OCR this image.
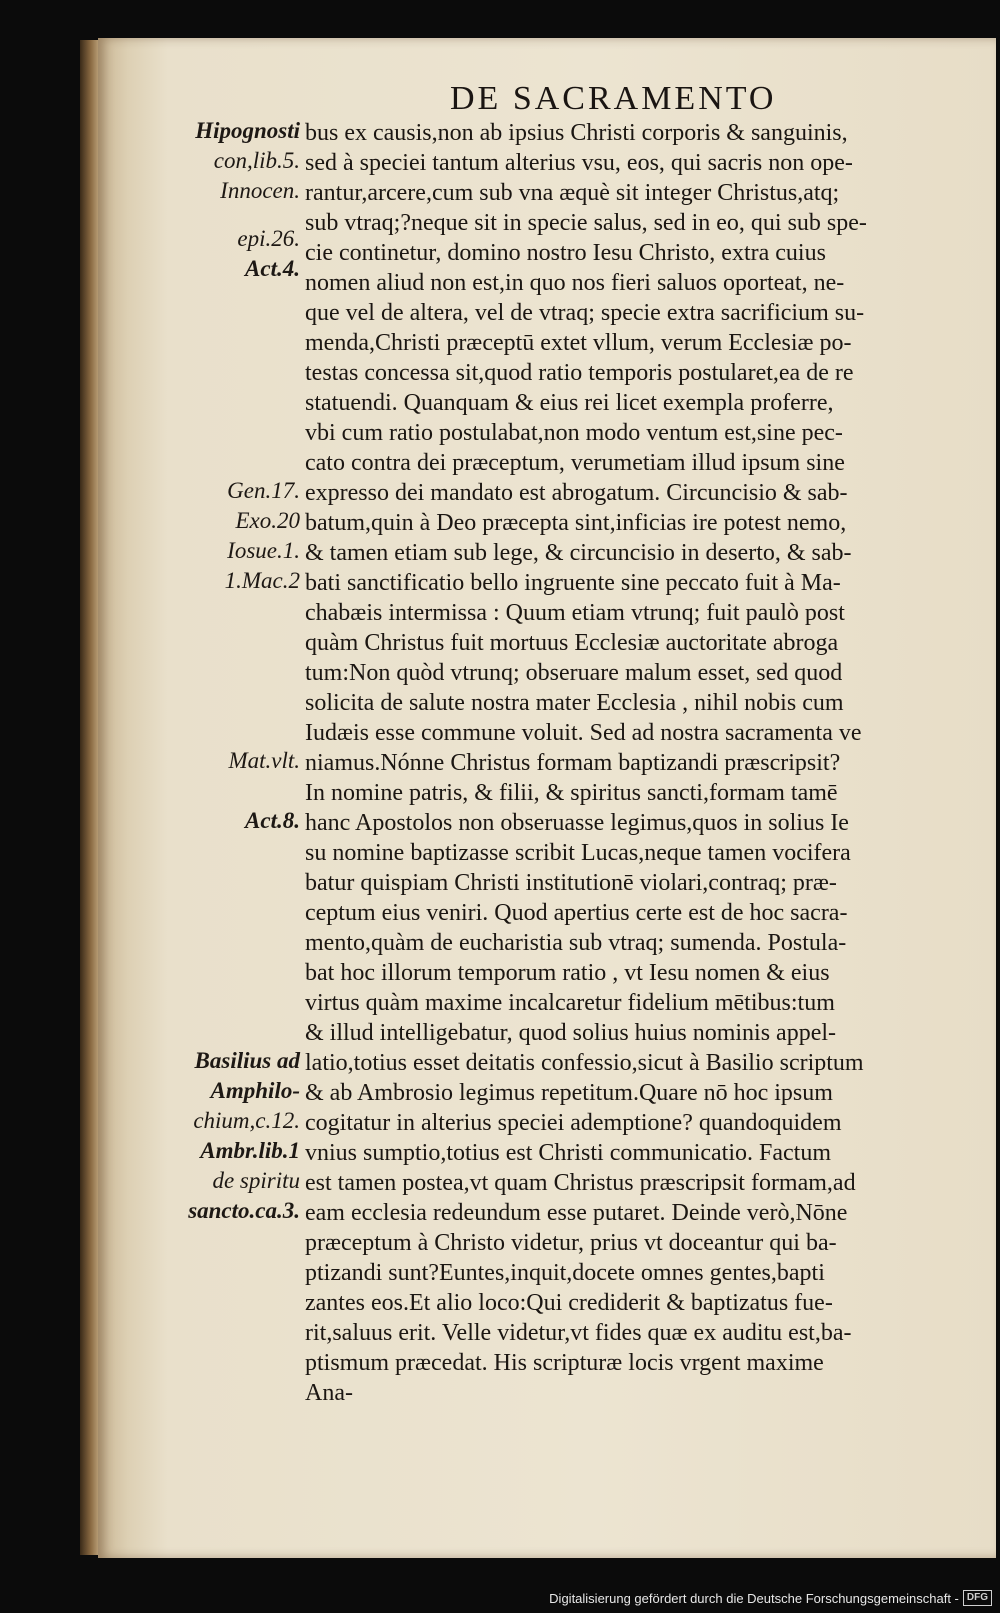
DE SACRAMENTO
Hipognosti
con,lib.5.
Innocen.
epi.26.
Act.4.
Gen.17.
Exo.20
Iosue.1.
1.Mac.2
Mat.vlt.
Act.8.
Basilius ad
Amphilo-
chium,c.12.
Ambr.lib.1
de spiritu
sancto.ca.3.
bus ex causis,non ab ipsius Christi corporis & sanguinis,
sed à speciei tantum alterius vsu, eos, qui sacris non ope-
rantur,arcere,cum sub vna æquè sit integer Christus,atq;
sub vtraq;?neque sit in specie salus, sed in eo, qui sub spe-
cie continetur, domino nostro Iesu Christo, extra cuius
nomen aliud non est,in quo nos fieri saluos oporteat, ne-
que vel de altera, vel de vtraq; specie extra sacrificium su-
menda,Christi præceptū extet vllum, verum Ecclesiæ po-
testas concessa sit,quod ratio temporis postularet,ea de re
statuendi. Quanquam & eius rei licet exempla proferre,
vbi cum ratio postulabat,non modo ventum est,sine pec-
cato contra dei præceptum, verumetiam illud ipsum sine
expresso dei mandato est abrogatum. Circuncisio & sab-
batum,quin à Deo præcepta sint,inficias ire potest nemo,
& tamen etiam sub lege, & circuncisio in deserto, & sab-
bati sanctificatio bello ingruente sine peccato fuit à Ma-
chabæis intermissa : Quum etiam vtrunq; fuit paulò post
quàm Christus fuit mortuus Ecclesiæ auctoritate abroga
tum:Non quòd vtrunq; obseruare malum esset, sed quod
solicita de salute nostra mater Ecclesia , nihil nobis cum
Iudæis esse commune voluit. Sed ad nostra sacramenta ve
niamus.Nónne Christus formam baptizandi præscripsit?
In nomine patris, & filii, & spiritus sancti,formam tamē
hanc Apostolos non obseruasse legimus,quos in solius Ie
su nomine baptizasse scribit Lucas,neque tamen vocifera
batur quispiam Christi institutionē violari,contraq; præ-
ceptum eius veniri. Quod apertius certe est de hoc sacra-
mento,quàm de eucharistia sub vtraq; sumenda. Postula-
bat hoc illorum temporum ratio , vt Iesu nomen & eius
virtus quàm maxime incalcaretur fidelium mētibus:tum
& illud intelligebatur, quod solius huius nominis appel-
latio,totius esset deitatis confessio,sicut à Basilio scriptum
& ab Ambrosio legimus repetitum.Quare nō hoc ipsum
cogitatur in alterius speciei ademptione? quandoquidem
vnius sumptio,totius est Christi communicatio. Factum
est tamen postea,vt quam Christus præscripsit formam,ad
eam ecclesia redeundum esse putaret. Deinde verò,Nōne
præceptum à Christo videtur, prius vt doceantur qui ba-
ptizandi sunt?Euntes,inquit,docete omnes gentes,bapti
zantes eos.Et alio loco:Qui crediderit & baptizatus fue-
rit,saluus erit. Velle videtur,vt fides quæ ex auditu est,ba-
ptismum præcedat. His scripturæ locis vrgent maxime
Ana-
Digitalisierung gefördert durch die Deutsche Forschungsgemeinschaft - DFG
